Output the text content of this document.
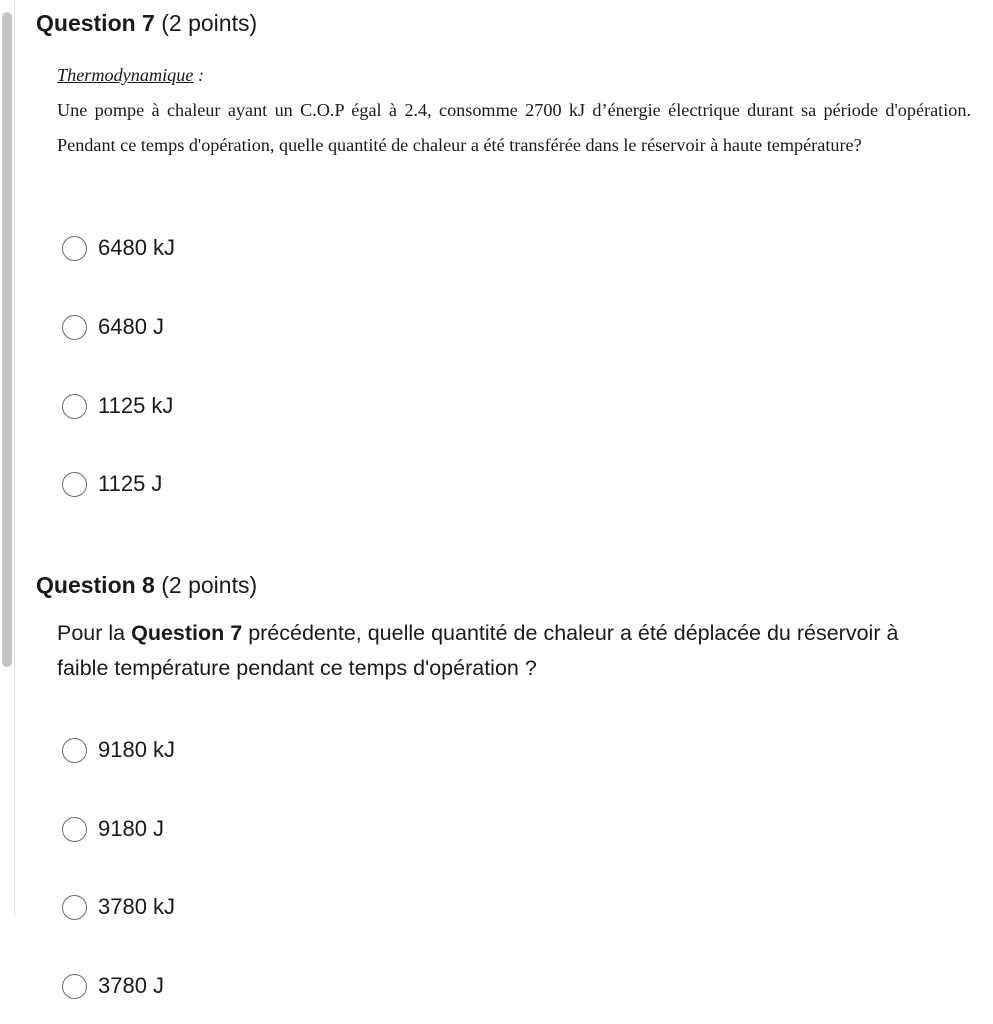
Question 7 (2 points)
Thermodynamique :
Une pompe à chaleur ayant un C.O.P égal à 2.4, consomme 2700 kJ d’énergie électrique durant sa période d'opération. Pendant ce temps d'opération, quelle quantité de chaleur a été transférée dans le réservoir à haute température?
6480 kJ
6480 J
1125 kJ
1125 J
Question 8 (2 points)
Pour la Question 7 précédente, quelle quantité de chaleur a été déplacée du réservoir à faible température pendant ce temps d'opération ?
9180 kJ
9180 J
3780 kJ
3780 J
